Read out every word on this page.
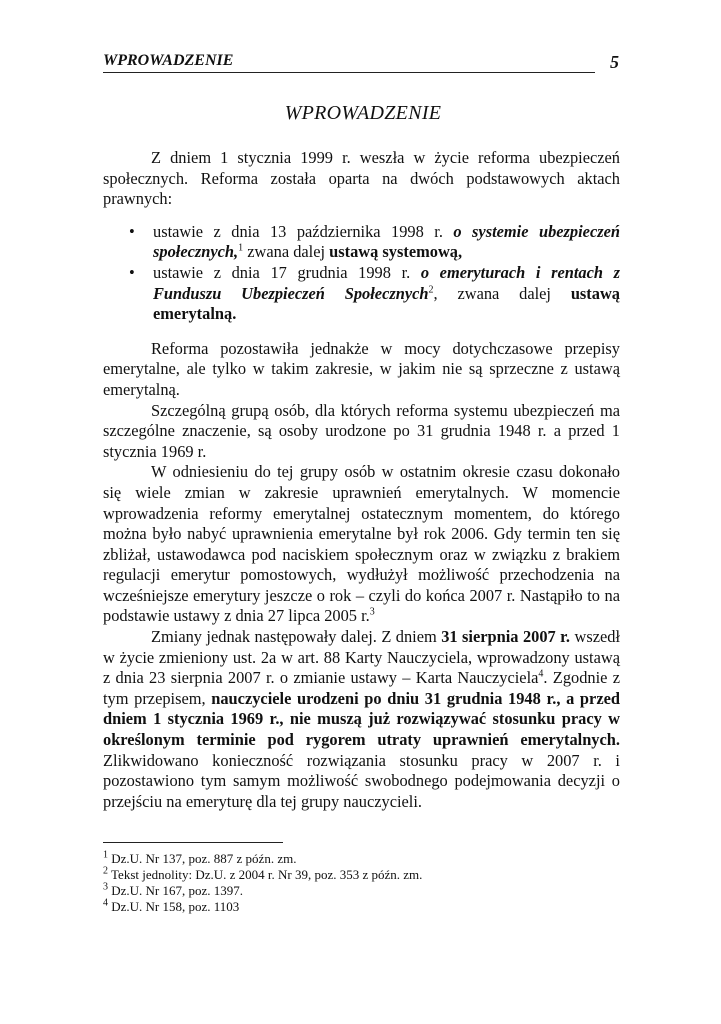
WPROWADZENIE	5
WPROWADZENIE

Z dniem 1 stycznia 1999 r. weszła w życie reforma ubezpieczeń społecznych. Reforma została oparta na dwóch podstawowych aktach prawnych:

• ustawie z dnia 13 października 1998 r. o systemie ubezpieczeń społecznych,$^1$ zwana dalej ustawą systemową,
• ustawie z dnia 17 grudnia 1998 r. o emeryturach i rentach z Funduszu Ubezpieczeń Społecznych$^2$, zwana dalej ustawą emerytalną.

Reforma pozostawiła jednakże w mocy dotychczasowe przepisy emerytalne, ale tylko w takim zakresie, w jakim nie są sprzeczne z ustawą emerytalną.

Szczególną grupą osób, dla których reforma systemu ubezpieczeń ma szczególne znaczenie, są osoby urodzone po 31 grudnia 1948 r. a przed 1 stycznia 1969 r.

W odniesieniu do tej grupy osób w ostatnim okresie czasu dokonało się wiele zmian w zakresie uprawnień emerytalnych. W momencie wprowadzenia reformy emerytalnej ostatecznym momentem, do którego można było nabyć uprawnienia emerytalne był rok 2006. Gdy termin ten się zbliżał, ustawodawca pod naciskiem społecznym oraz w związku z brakiem regulacji emerytur pomostowych, wydłużył możliwość przechodzenia na wcześniejsze emerytury jeszcze o rok – czyli do końca 2007 r. Nastąpiło to na podstawie ustawy z dnia 27 lipca 2005 r.$^3$

Zmiany jednak następowały dalej. Z dniem 31 sierpnia 2007 r. wszedł w życie zmieniony ust. 2a w art. 88 Karty Nauczyciela, wprowadzony ustawą z dnia 23 sierpnia 2007 r. o zmianie ustawy – Karta Nauczyciela$^4$. Zgodnie z tym przepisem, nauczyciele urodzeni po dniu 31 grudnia 1948 r., a przed dniem 1 stycznia 1969 r., nie muszą już rozwiązywać stosunku pracy w określonym terminie pod rygorem utraty uprawnień emerytalnych. Zlikwidowano konieczność rozwiązania stosunku pracy w 2007 r. i pozostawiono tym samym możliwość swobodnego podejmowania decyzji o przejściu na emeryturę dla tej grupy nauczycieli.

$^1$ Dz.U. Nr 137, poz. 887 z późn. zm.

$^2$ Tekst jednolity: Dz.U. z 2004 r. Nr 39, poz. 353 z późn. zm.

$^3$ Dz.U. Nr 167, poz. 1397.

$^4$ Dz.U. Nr 158, poz. 1103
